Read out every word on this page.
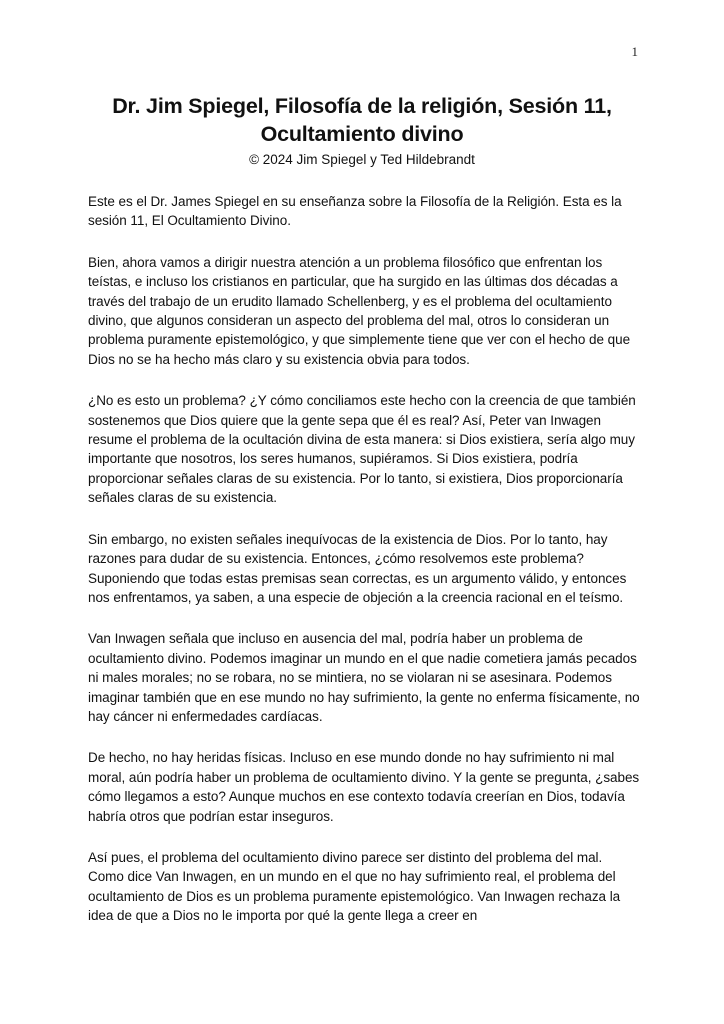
1
Dr. Jim Spiegel, Filosofía de la religión, Sesión 11,
Ocultamiento divino

© 2024 Jim Spiegel y Ted Hildebrandt

Este es el Dr. James Spiegel en su enseñanza sobre la Filosofía de la Religión. Esta es la sesión 11, El Ocultamiento Divino.

Bien, ahora vamos a dirigir nuestra atención a un problema filosófico que enfrentan los teístas, e incluso los cristianos en particular, que ha surgido en las últimas dos décadas a través del trabajo de un erudito llamado Schellenberg, y es el problema del ocultamiento divino, que algunos consideran un aspecto del problema del mal, otros lo consideran un problema puramente epistemológico, y que simplemente tiene que ver con el hecho de que Dios no se ha hecho más claro y su existencia obvia para todos.

¿No es esto un problema? ¿Y cómo conciliamos este hecho con la creencia de que también sostenemos que Dios quiere que la gente sepa que él es real? Así, Peter van Inwagen resume el problema de la ocultación divina de esta manera: si Dios existiera, sería algo muy importante que nosotros, los seres humanos, supiéramos. Si Dios existiera, podría proporcionar señales claras de su existencia. Por lo tanto, si existiera, Dios proporcionaría señales claras de su existencia.

Sin embargo, no existen señales inequívocas de la existencia de Dios. Por lo tanto, hay razones para dudar de su existencia. Entonces, ¿cómo resolvemos este problema? Suponiendo que todas estas premisas sean correctas, es un argumento válido, y entonces nos enfrentamos, ya saben, a una especie de objeción a la creencia racional en el teísmo.

Van Inwagen señala que incluso en ausencia del mal, podría haber un problema de ocultamiento divino. Podemos imaginar un mundo en el que nadie cometiera jamás pecados ni males morales; no se robara, no se mintiera, no se violaran ni se asesinara. Podemos imaginar también que en ese mundo no hay sufrimiento, la gente no enferma físicamente, no hay cáncer ni enfermedades cardíacas.

De hecho, no hay heridas físicas. Incluso en ese mundo donde no hay sufrimiento ni mal moral, aún podría haber un problema de ocultamiento divino. Y la gente se pregunta, ¿sabes cómo llegamos a esto? Aunque muchos en ese contexto todavía creerían en Dios, todavía habría otros que podrían estar inseguros.

Así pues, el problema del ocultamiento divino parece ser distinto del problema del mal. Como dice Van Inwagen, en un mundo en el que no hay sufrimiento real, el problema del ocultamiento de Dios es un problema puramente epistemológico. Van Inwagen rechaza la idea de que a Dios no le importa por qué la gente llega a creer en
